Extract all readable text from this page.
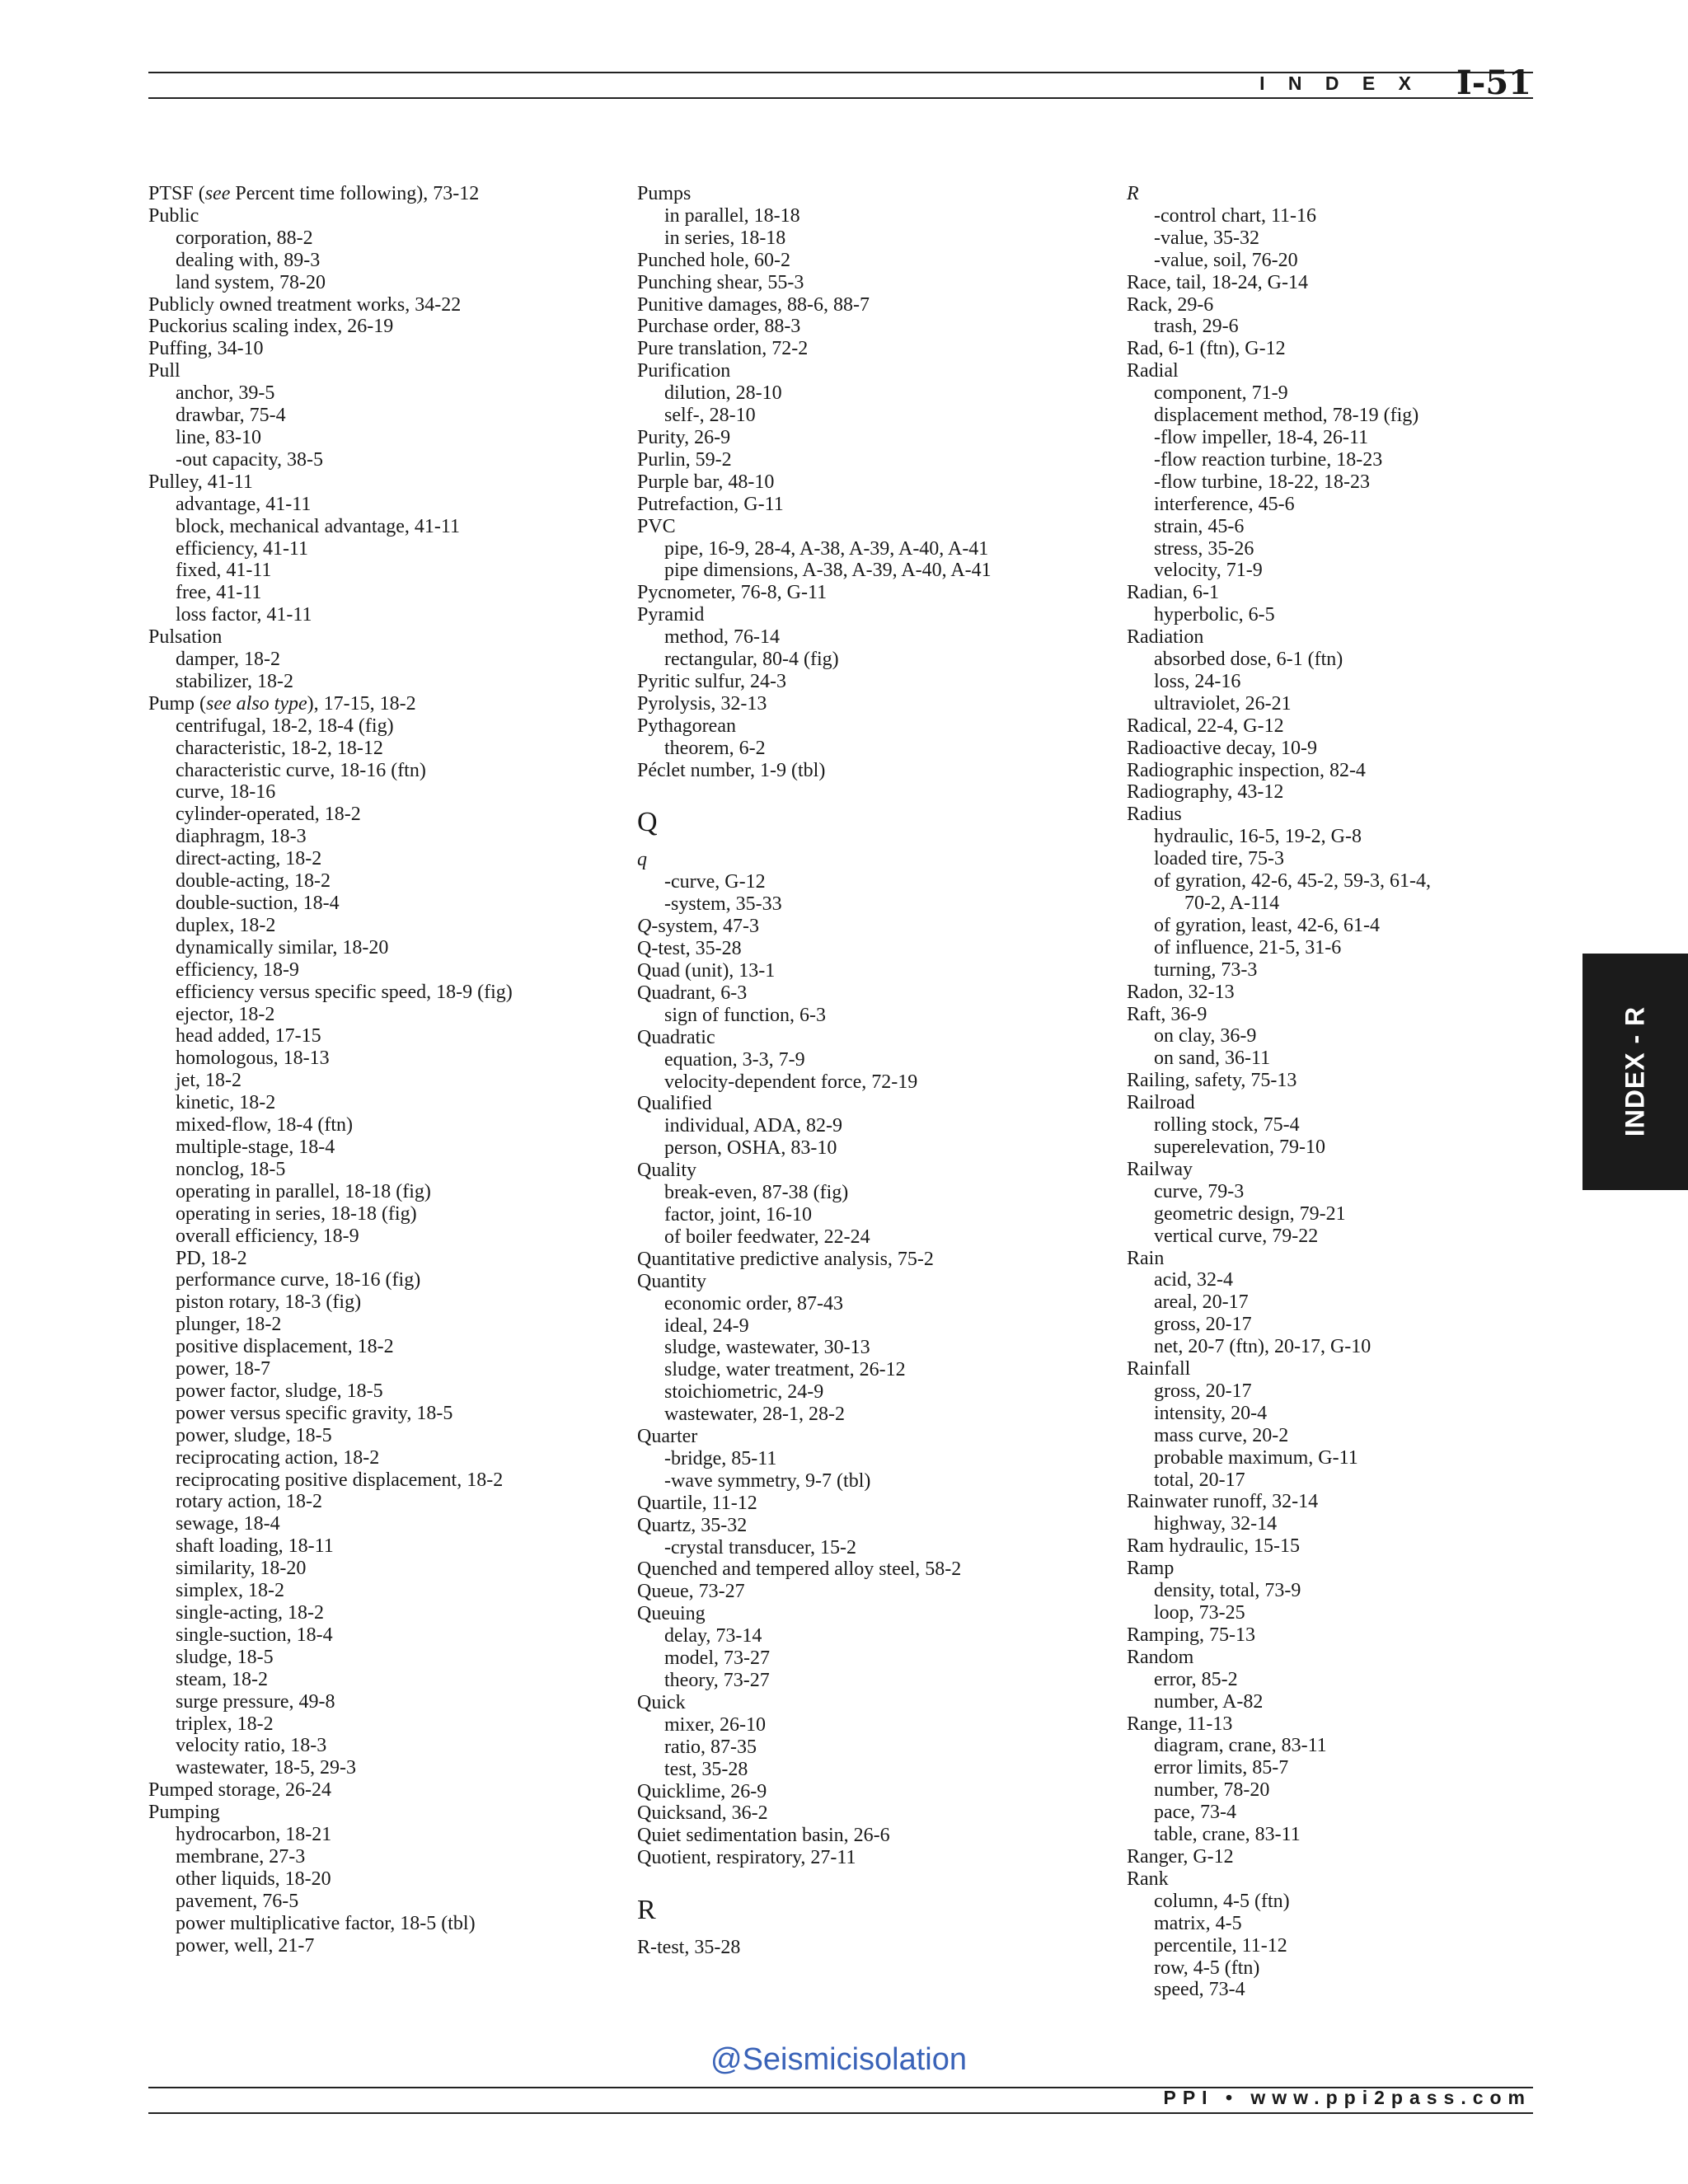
I N D E X I-51
PTSF (see Percent time following), 73-12
Public
corporation, 88-2
dealing with, 89-3
land system, 78-20
Publicly owned treatment works, 34-22
Puckorius scaling index, 26-19
Puffing, 34-10
Pull
anchor, 39-5
drawbar, 75-4
line, 83-10
-out capacity, 38-5
Pulley, 41-11
advantage, 41-11
block, mechanical advantage, 41-11
efficiency, 41-11
fixed, 41-11
free, 41-11
loss factor, 41-11
Pulsation
damper, 18-2
stabilizer, 18-2
Pump (see also type), 17-15, 18-2
centrifugal, 18-2, 18-4 (fig)
characteristic, 18-2, 18-12
characteristic curve, 18-16 (ftn)
curve, 18-16
cylinder-operated, 18-2
diaphragm, 18-3
direct-acting, 18-2
double-acting, 18-2
double-suction, 18-4
duplex, 18-2
dynamically similar, 18-20
efficiency, 18-9
efficiency versus specific speed, 18-9 (fig)
ejector, 18-2
head added, 17-15
homologous, 18-13
jet, 18-2
kinetic, 18-2
mixed-flow, 18-4 (ftn)
multiple-stage, 18-4
nonclog, 18-5
operating in parallel, 18-18 (fig)
operating in series, 18-18 (fig)
overall efficiency, 18-9
PD, 18-2
performance curve, 18-16 (fig)
piston rotary, 18-3 (fig)
plunger, 18-2
positive displacement, 18-2
power, 18-7
power factor, sludge, 18-5
power versus specific gravity, 18-5
power, sludge, 18-5
reciprocating action, 18-2
reciprocating positive displacement, 18-2
rotary action, 18-2
sewage, 18-4
shaft loading, 18-11
similarity, 18-20
simplex, 18-2
single-acting, 18-2
single-suction, 18-4
sludge, 18-5
steam, 18-2
surge pressure, 49-8
triplex, 18-2
velocity ratio, 18-3
wastewater, 18-5, 29-3
Pumped storage, 26-24
Pumping
hydrocarbon, 18-21
membrane, 27-3
other liquids, 18-20
pavement, 76-5
power multiplicative factor, 18-5 (tbl)
power, well, 21-7
Pumps
in parallel, 18-18
in series, 18-18
Punched hole, 60-2
Punching shear, 55-3
Punitive damages, 88-6, 88-7
Purchase order, 88-3
Pure translation, 72-2
Purification
dilution, 28-10
self-, 28-10
Purity, 26-9
Purlin, 59-2
Purple bar, 48-10
Putrefaction, G-11
PVC
pipe, 16-9, 28-4, A-38, A-39, A-40, A-41
pipe dimensions, A-38, A-39, A-40, A-41
Pycnometer, 76-8, G-11
Pyramid
method, 76-14
rectangular, 80-4 (fig)
Pyritic sulfur, 24-3
Pyrolysis, 32-13
Pythagorean
theorem, 6-2
Péclet number, 1-9 (tbl)
Q
q
-curve, G-12
-system, 35-33
Q-system, 47-3
Q-test, 35-28
Quad (unit), 13-1
Quadrant, 6-3
sign of function, 6-3
Quadratic
equation, 3-3, 7-9
velocity-dependent force, 72-19
Qualified
individual, ADA, 82-9
person, OSHA, 83-10
Quality
break-even, 87-38 (fig)
factor, joint, 16-10
of boiler feedwater, 22-24
Quantitative predictive analysis, 75-2
Quantity
economic order, 87-43
ideal, 24-9
sludge, wastewater, 30-13
sludge, water treatment, 26-12
stoichiometric, 24-9
wastewater, 28-1, 28-2
Quarter
-bridge, 85-11
-wave symmetry, 9-7 (tbl)
Quartile, 11-12
Quartz, 35-32
-crystal transducer, 15-2
Quenched and tempered alloy steel, 58-2
Queue, 73-27
Queuing
delay, 73-14
model, 73-27
theory, 73-27
Quick
mixer, 26-10
ratio, 87-35
test, 35-28
Quicklime, 26-9
Quicksand, 36-2
Quiet sedimentation basin, 26-6
Quotient, respiratory, 27-11
R
R-test, 35-28
R
-control chart, 11-16
-value, 35-32
-value, soil, 76-20
Race, tail, 18-24, G-14
Rack, 29-6
trash, 29-6
Rad, 6-1 (ftn), G-12
Radial
component, 71-9
displacement method, 78-19 (fig)
-flow impeller, 18-4, 26-11
-flow reaction turbine, 18-23
-flow turbine, 18-22, 18-23
interference, 45-6
strain, 45-6
stress, 35-26
velocity, 71-9
Radian, 6-1
hyperbolic, 6-5
Radiation
absorbed dose, 6-1 (ftn)
loss, 24-16
ultraviolet, 26-21
Radical, 22-4, G-12
Radioactive decay, 10-9
Radiographic inspection, 82-4
Radiography, 43-12
Radius
hydraulic, 16-5, 19-2, G-8
loaded tire, 75-3
of gyration, 42-6, 45-2, 59-3, 61-4,
70-2, A-114
of gyration, least, 42-6, 61-4
of influence, 21-5, 31-6
turning, 73-3
Radon, 32-13
Raft, 36-9
on clay, 36-9
on sand, 36-11
Railing, safety, 75-13
Railroad
rolling stock, 75-4
superelevation, 79-10
Railway
curve, 79-3
geometric design, 79-21
vertical curve, 79-22
Rain
acid, 32-4
areal, 20-17
gross, 20-17
net, 20-7 (ftn), 20-17, G-10
Rainfall
gross, 20-17
intensity, 20-4
mass curve, 20-2
probable maximum, G-11
total, 20-17
Rainwater runoff, 32-14
highway, 32-14
Ram hydraulic, 15-15
Ramp
density, total, 73-9
loop, 73-25
Ramping, 75-13
Random
error, 85-2
number, A-82
Range, 11-13
diagram, crane, 83-11
error limits, 85-7
number, 78-20
pace, 73-4
table, crane, 83-11
Ranger, G-12
Rank
column, 4-5 (ftn)
matrix, 4-5
percentile, 11-12
row, 4-5 (ftn)
speed, 73-4
INDEX - R
@Seismicisolation
PPI • www.ppi2pass.com
